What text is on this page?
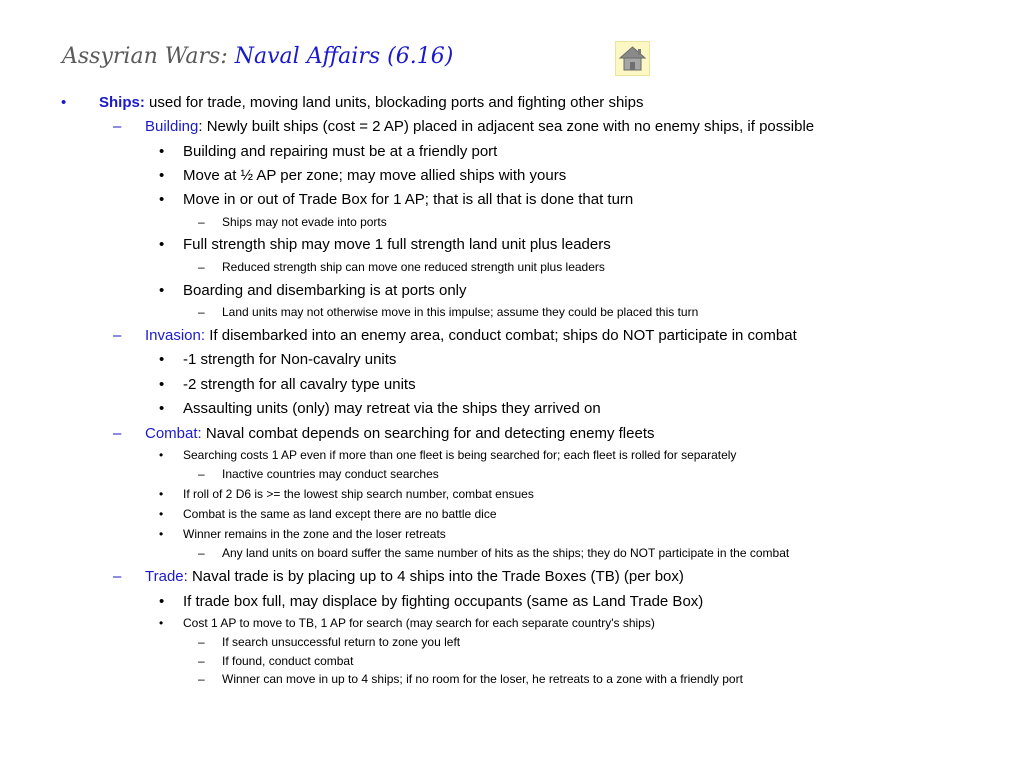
Assyrian Wars: Naval Affairs (6.16)
• Ships: used for trade, moving land units, blockading ports and fighting other ships
– Building: Newly built ships (cost = 2 AP) placed in adjacent sea zone with no enemy ships, if possible
• Building and repairing must be at a friendly port
• Move at ½ AP per zone; may move allied ships with yours
• Move in or out of Trade Box for 1 AP; that is all that is done that turn
– Ships may not evade into ports
• Full strength ship may move 1 full strength land unit plus leaders
– Reduced strength ship can move one reduced strength unit plus leaders
• Boarding and disembarking is at ports only
– Land units may not otherwise move in this impulse; assume they could be placed this turn
– Invasion: If disembarked into an enemy area, conduct combat; ships do NOT participate in combat
• -1 strength for Non-cavalry units
• -2 strength for all cavalry type units
• Assaulting units (only) may retreat via the ships they arrived on
– Combat: Naval combat depends on searching for and detecting enemy fleets
• Searching costs 1 AP even if more than one fleet is being searched for; each fleet is rolled for separately
– Inactive countries may conduct searches
• If roll of 2 D6 is >= the lowest ship search number, combat ensues
• Combat is the same as land except there are no battle dice
• Winner remains in the zone and the loser retreats
– Any land units on board suffer the same number of hits as the ships; they do NOT participate in the combat
– Trade: Naval trade is by placing up to 4 ships into the Trade Boxes (TB) (per box)
• If trade box full, may displace by fighting occupants (same as Land Trade Box)
• Cost 1 AP to move to TB, 1 AP for search (may search for each separate country's ships)
– If search unsuccessful return to zone you left
– If found, conduct combat
– Winner can move in up to 4 ships; if no room for the loser, he retreats to a zone with a friendly port
